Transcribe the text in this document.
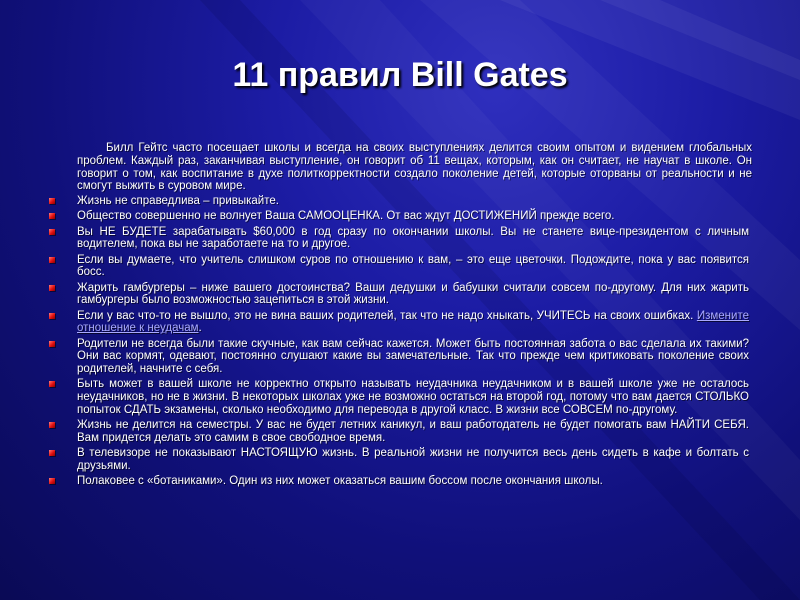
11 правил Bill Gates

Билл Гейтс часто посещает школы и всегда на своих выступлениях делится своим опытом и видением глобальных проблем. Каждый раз, заканчивая выступление, он говорит об 11 вещах, которым, как он считает, не научат в школе. Он говорит о том, как воспитание в духе политкорректности создало поколение детей, которые оторваны от реальности и не смогут выжить в суровом мире.

Жизнь не справедлива – привыкайте.
Общество совершенно не волнует Ваша САМООЦЕНКА. От вас ждут ДОСТИЖЕНИЙ прежде всего.
Вы НЕ БУДЕТЕ зарабатывать $60,000 в год сразу по окончании школы. Вы не станете вице-президентом с личным водителем, пока вы не заработаете на то и другое.
Если вы думаете, что учитель слишком суров по отношению к вам, – это еще цветочки. Подождите, пока у вас появится босс.
Жарить гамбургеры – ниже вашего достоинства? Ваши дедушки и бабушки считали совсем по-другому. Для них жарить гамбургеры было возможностью зацепиться в этой жизни.
Если у вас что-то не вышло, это не вина ваших родителей, так что не надо хныкать, УЧИТЕСЬ на своих ошибках. Измените отношение к неудачам.
Родители не всегда были такие скучные, как вам сейчас кажется. Может быть постоянная забота о вас сделала их такими? Они вас кормят, одевают, постоянно слушают какие вы замечательные. Так что прежде чем критиковать поколение своих родителей, начните с себя.
Быть может в вашей школе не корректно открыто называть неудачника неудачником и в вашей школе уже не осталось неудачников, но не в жизни. В некоторых школах уже не возможно остаться на второй год, потому что вам дается СТОЛЬКО попыток СДАТЬ экзамены, сколько необходимо для перевода в другой класс. В жизни все СОВСЕМ по-другому.
Жизнь не делится на семестры. У вас не будет летних каникул, и ваш работодатель не будет помогать вам НАЙТИ СЕБЯ. Вам придется делать это самим в свое свободное время.
В телевизоре не показывают НАСТОЯЩУЮ жизнь. В реальной жизни не получится весь день сидеть в кафе и болтать с друзьями.
Полаковее с «ботаниками». Один из них может оказаться вашим боссом после окончания школы.
